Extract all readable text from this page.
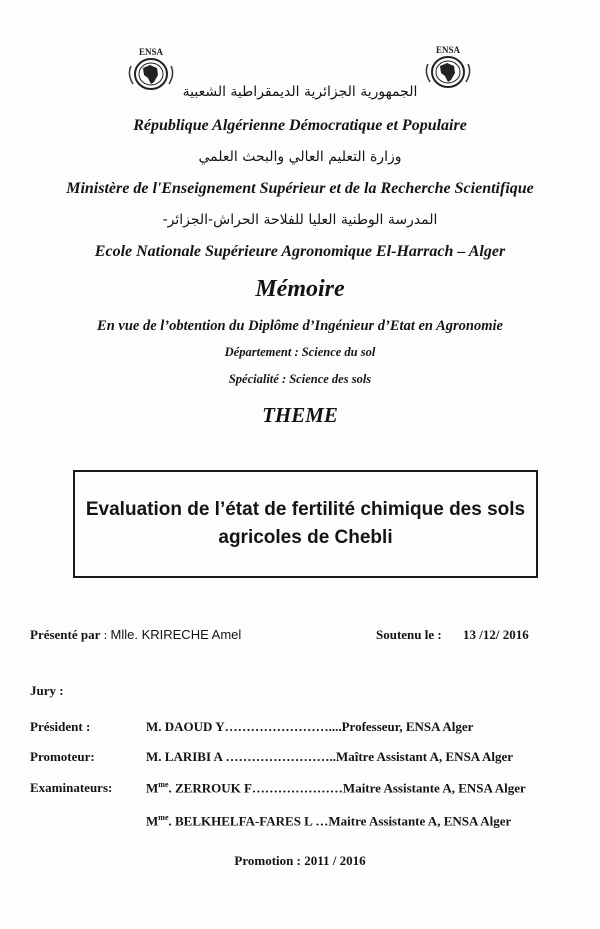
ENSA	ENSA
الجمهورية الجزائرية الديمقراطية الشعبية
République Algérienne Démocratique et Populaire
وزارة التعليم العالي والبحث العلمي
Ministère de l'Enseignement Supérieur et de la Recherche Scientifique
المدرسة الوطنية العليا للفلاحة الحراش-الجزائر-
Ecole Nationale Supérieure Agronomique El-Harrach – Alger
Mémoire
En vue de l’obtention du Diplôme d’Ingénieur d’Etat en Agronomie
Département : Science du sol
Spécialité : Science des sols
THEME
Evaluation de l’état de fertilité chimique des sols
agricoles de Chebli
Présenté par : Mlle. KRIRECHE Amel	Soutenu le : 13 /12/ 2016
Jury :
Président :	M. DAOUD Y……………………....Professeur, ENSA Alger
Promoteur:	M. LARIBI A ……………………..Maître Assistant A, ENSA Alger
Examinateurs:	$M^{me}$. ZERROUK F…………………Maitre Assistante A, ENSA Alger
$M^{me}$. BELKHELFA-FARES L …Maitre Assistante A, ENSA Alger
Promotion : 2011 / 2016
